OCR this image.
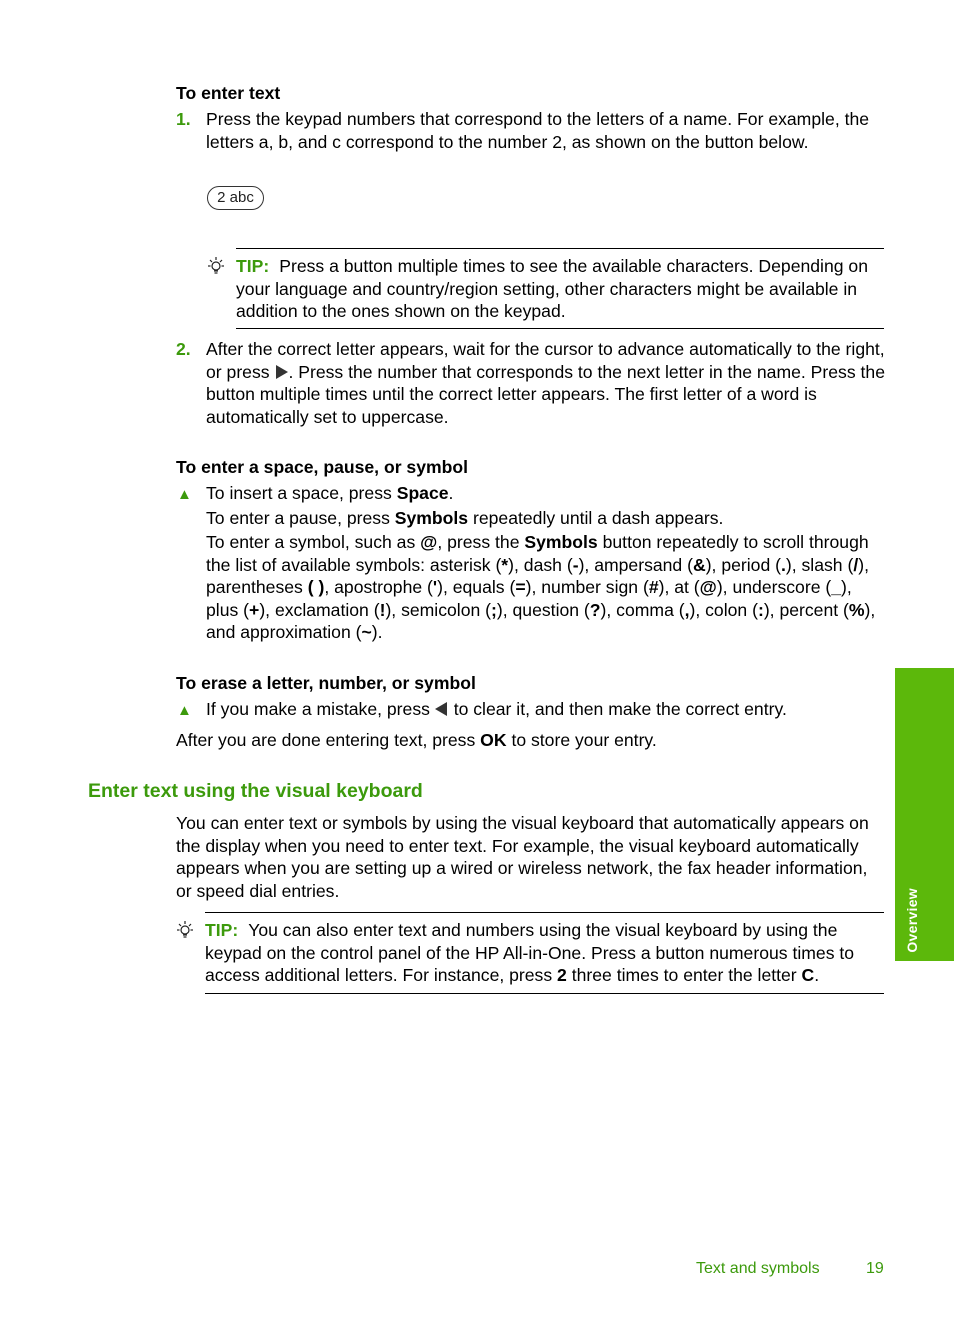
To enter text
1. Press the keypad numbers that correspond to the letters of a name. For example, the letters a, b, and c correspond to the number 2, as shown on the button below.
2 abc
TIP: Press a button multiple times to see the available characters. Depending on your language and country/region setting, other characters might be available in addition to the ones shown on the keypad.
2. After the correct letter appears, wait for the cursor to advance automatically to the right, or press . Press the number that corresponds to the next letter in the name. Press the button multiple times until the correct letter appears. The first letter of a word is automatically set to uppercase.
To enter a space, pause, or symbol
▲ To insert a space, press Space.
To enter a pause, press Symbols repeatedly until a dash appears.
To enter a symbol, such as @, press the Symbols button repeatedly to scroll through the list of available symbols: asterisk (*), dash (-), ampersand (&), period (.), slash (/), parentheses ( ), apostrophe ('), equals (=), number sign (#), at (@), underscore (_), plus (+), exclamation (!), semicolon (;), question (?), comma (,), colon (:), percent (%), and approximation (~).
To erase a letter, number, or symbol
▲ If you make a mistake, press to clear it, and then make the correct entry.
After you are done entering text, press OK to store your entry.
Enter text using the visual keyboard
You can enter text or symbols by using the visual keyboard that automatically appears on the display when you need to enter text. For example, the visual keyboard automatically appears when you are setting up a wired or wireless network, the fax header information, or speed dial entries.
TIP: You can also enter text and numbers using the visual keyboard by using the keypad on the control panel of the HP All-in-One. Press a button numerous times to access additional letters. For instance, press 2 three times to enter the letter C.
Overview
Text and symbols	19
